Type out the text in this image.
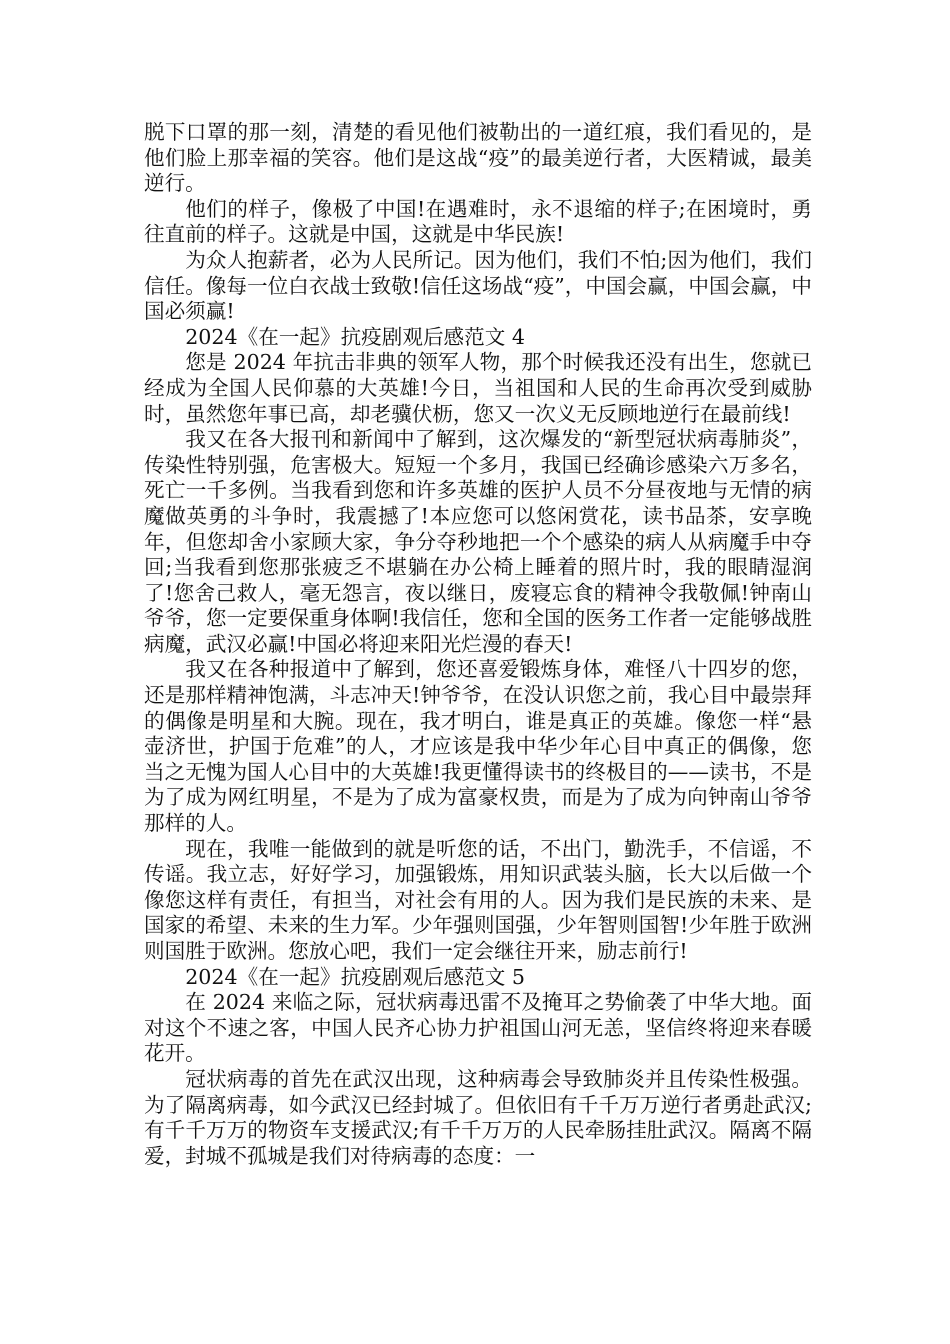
脱下口罩的那一刻，清楚的看见他们被勒出的一道红痕，我们看见的，是他们脸上那幸福的笑容。他们是这战“疫”的最美逆行者，大医精诚，最美逆行。

他们的样子，像极了中国!在遇难时，永不退缩的样子;在困境时，勇往直前的样子。这就是中国，这就是中华民族!

为众人抱薪者，必为人民所记。因为他们，我们不怕;因为他们，我们信任。像每一位白衣战士致敬!信任这场战“疫”，中国会赢，中国会赢，中国必须赢!

2024《在一起》抗疫剧观后感范文 4

您是 2024 年抗击非典的领军人物，那个时候我还没有出生，您就已经成为全国人民仰慕的大英雄!今日，当祖国和人民的生命再次受到威胁时，虽然您年事已高，却老骥伏枥，您又一次义无反顾地逆行在最前线!

我又在各大报刊和新闻中了解到，这次爆发的“新型冠状病毒肺炎”，传染性特别强，危害极大。短短一个多月，我国已经确诊感染六万多名，死亡一千多例。当我看到您和许多英雄的医护人员不分昼夜地与无情的病魔做英勇的斗争时，我震撼了!本应您可以悠闲赏花，读书品茶，安享晚年，但您却舍小家顾大家，争分夺秒地把一个个感染的病人从病魔手中夺回;当我看到您那张疲乏不堪躺在办公椅上睡着的照片时，我的眼睛湿润了!您舍己救人，毫无怨言，夜以继日，废寝忘食的精神令我敬佩!钟南山爷爷，您一定要保重身体啊!我信任，您和全国的医务工作者一定能够战胜病魔，武汉必赢!中国必将迎来阳光烂漫的春天!

我又在各种报道中了解到，您还喜爱锻炼身体，难怪八十四岁的您，还是那样精神饱满，斗志冲天!钟爷爷，在没认识您之前，我心目中最崇拜的偶像是明星和大腕。现在，我才明白，谁是真正的英雄。像您一样“悬壶济世，护国于危难”的人，才应该是我中华少年心目中真正的偶像，您当之无愧为国人心目中的大英雄!我更懂得读书的终极目的——读书，不是为了成为网红明星，不是为了成为富豪权贵，而是为了成为向钟南山爷爷那样的人。

现在，我唯一能做到的就是听您的话，不出门，勤洗手，不信谣，不传谣。我立志，好好学习，加强锻炼，用知识武装头脑，长大以后做一个像您这样有责任，有担当，对社会有用的人。因为我们是民族的未来、是国家的希望、未来的生力军。少年强则国强，少年智则国智!少年胜于欧洲则国胜于欧洲。您放心吧，我们一定会继往开来，励志前行!

2024《在一起》抗疫剧观后感范文 5

在 2024 来临之际，冠状病毒迅雷不及掩耳之势偷袭了中华大地。面对这个不速之客，中国人民齐心协力护祖国山河无恙，坚信终将迎来春暖花开。

冠状病毒的首先在武汉出现，这种病毒会导致肺炎并且传染性极强。为了隔离病毒，如今武汉已经封城了。但依旧有千千万万逆行者勇赴武汉;有千千万万的物资车支援武汉;有千千万万的人民牵肠挂肚武汉。隔离不隔爱，封城不孤城是我们对待病毒的态度：一
